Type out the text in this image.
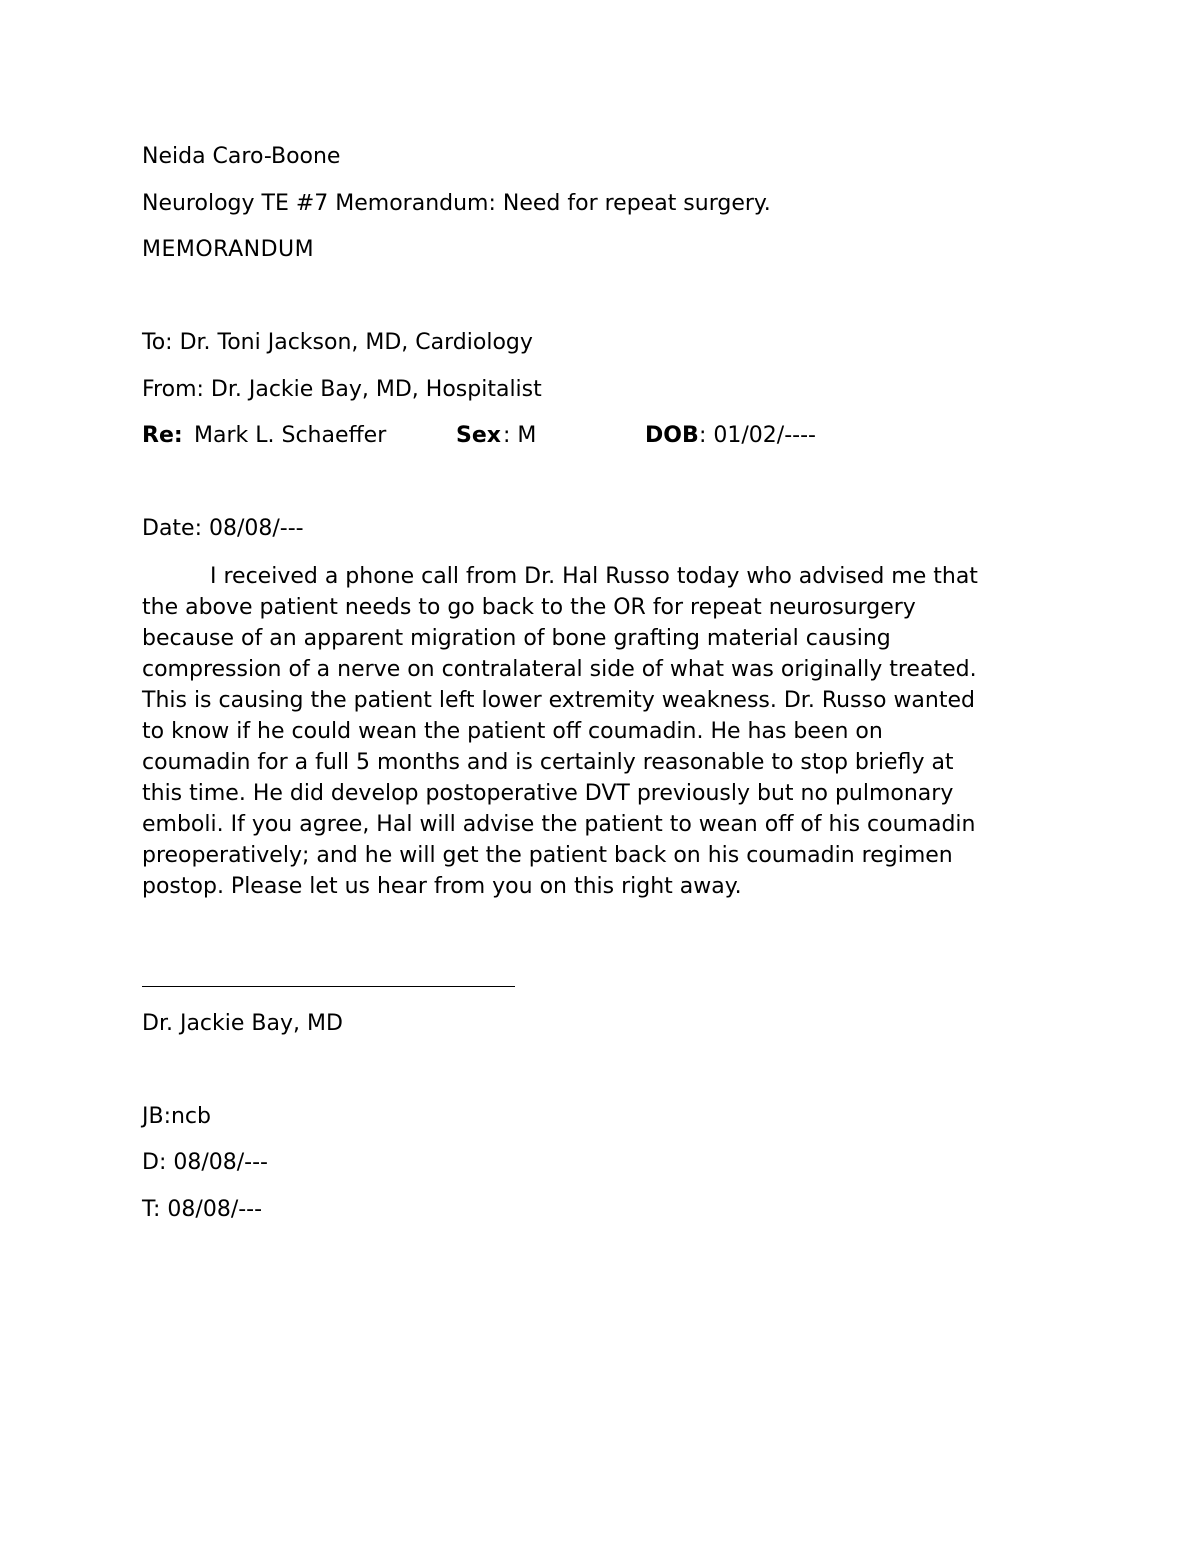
Neida Caro-Boone
Neurology TE #7 Memorandum: Need for repeat surgery.
MEMORANDUM
To: Dr. Toni Jackson, MD, Cardiology
From: Dr. Jackie Bay, MD, Hospitalist
Re: Mark L. Schaeffer	Sex : M	DOB : 01/02/----
Date: 08/08/---
I received a phone call from Dr. Hal Russo today who advised me that
the above patient needs to go back to the OR for repeat neurosurgery
because of an apparent migration of bone grafting material causing
compression of a nerve on contralateral side of what was originally treated.
This is causing the patient left lower extremity weakness. Dr. Russo wanted
to know if he could wean the patient off coumadin. He has been on
coumadin for a full 5 months and is certainly reasonable to stop briefly at
this time. He did develop postoperative DVT previously but no pulmonary
emboli. If you agree, Hal will advise the patient to wean off of his coumadin
preoperatively; and he will get the patient back on his coumadin regimen
postop. Please let us hear from you on this right away.
Dr. Jackie Bay, MD
JB:ncb
D: 08/08/---
T: 08/08/---
